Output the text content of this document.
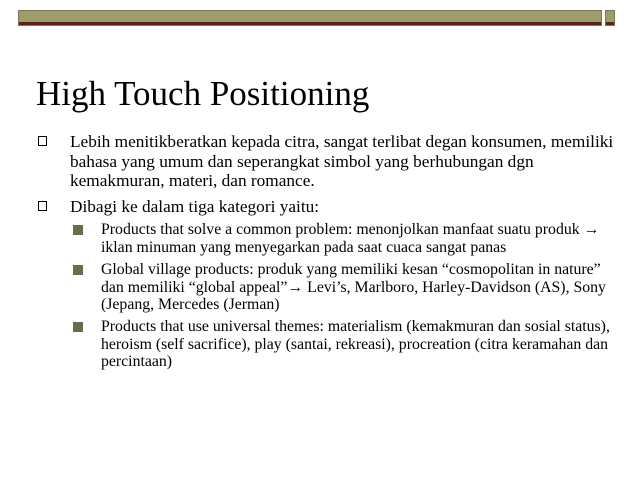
High Touch Positioning
Lebih menitikberatkan kepada citra, sangat terlibat degan konsumen, memiliki bahasa yang umum dan seperangkat simbol yang berhubungan dgn kemakmuran, materi, dan romance.
Dibagi ke dalam tiga kategori yaitu:
Products that solve a common problem: menonjolkan manfaat suatu produk → iklan minuman yang menyegarkan pada saat cuaca sangat panas
Global village products: produk yang memiliki kesan “cosmopolitan in nature” dan memiliki “global appeal”→ Levi’s, Marlboro, Harley-Davidson (AS), Sony (Jepang, Mercedes (Jerman)
Products that use universal themes: materialism (kemakmuran dan sosial status), heroism (self sacrifice), play (santai, rekreasi), procreation (citra keramahan dan percintaan)
